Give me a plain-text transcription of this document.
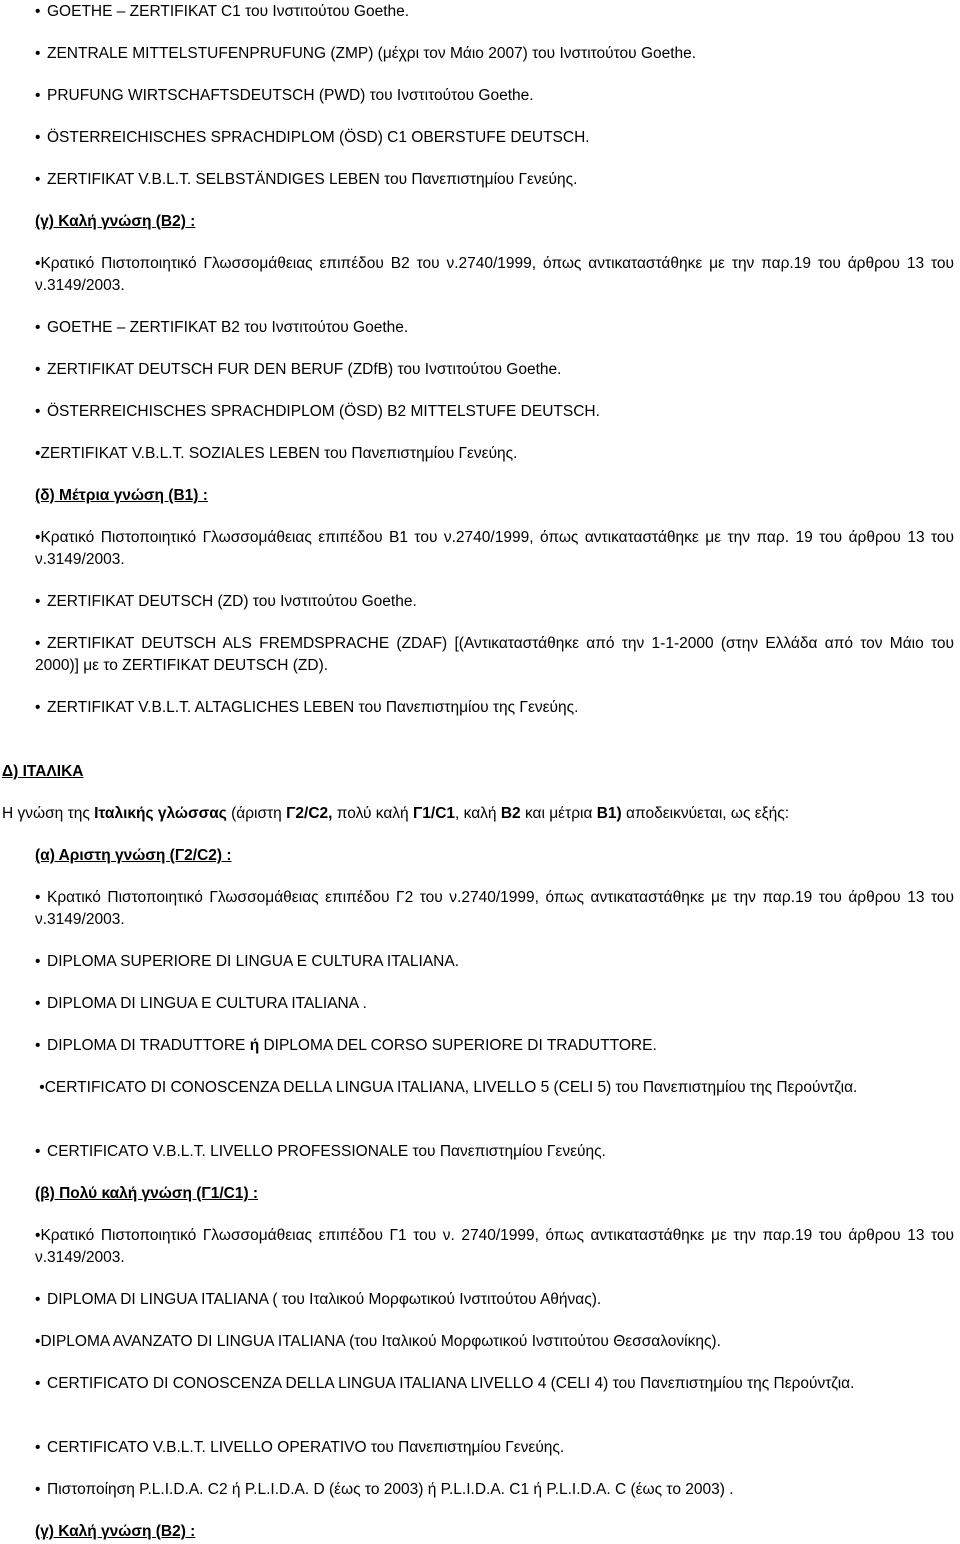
• GOETHE – ZERTIFIKAT C1 του Ινστιτούτου Goethe.
• ZENTRALE MITTELSTUFENPRUFUNG (ZMP) (μέχρι τον Μάιο 2007) του Ινστιτούτου Goethe.
• PRUFUNG WIRTSCHAFTSDEUTSCH (PWD) του Ινστιτούτου Goethe.
• ÖSTERREICHISCHES SPRACHDIPLOM (ÖSD) C1 OBERSTUFE DEUTSCH.
• ZERTIFIKAT V.B.L.T. SELBSTÄNDIGES LEBEN του Πανεπιστημίου Γενεύης.
(γ) Καλή γνώση (Β2) :
•Κρατικό Πιστοποιητικό Γλωσσομάθειας επιπέδου Β2 του ν.2740/1999, όπως αντικαταστάθηκε με την παρ.19 του άρθρου 13 του ν.3149/2003.
• GOETHE – ZERTIFIKAT B2 του Ινστιτούτου Goethe.
• ZERTIFIKAT DEUTSCH FUR DEN BERUF (ZDfB) του Ινστιτούτου Goethe.
• ÖSTERREICHISCHES SPRACHDIPLOM (ÖSD) B2 MITTELSTUFE DEUTSCH.
•ZERTIFIKAT V.B.L.T. SOZIALES LEBEN του Πανεπιστημίου Γενεύης.
(δ) Μέτρια γνώση (Β1) :
•Κρατικό Πιστοποιητικό Γλωσσομάθειας επιπέδου Β1 του ν.2740/1999, όπως αντικαταστάθηκε με την παρ. 19 του άρθρου 13 του ν.3149/2003.
• ZERTIFIKAT DEUTSCH (ZD) του Ινστιτούτου Goethe.
• ZERTIFIKAT DEUTSCH ALS FREMDSPRACHE (ZDAF) [(Αντικαταστάθηκε από την 1-1-2000 (στην Ελλάδα από τον Μάιο του 2000)] με το ZERTIFIKAT DEUTSCH (ZD).
• ZERTIFIKAT V.B.L.T. ALTAGLICHES LEBEN του Πανεπιστημίου της Γενεύης.
Δ) ΙΤΑΛΙΚΑ
Η γνώση της Ιταλικής γλώσσας (άριστη Γ2/C2, πολύ καλή Γ1/C1, καλή Β2 και μέτρια Β1) αποδεικνύεται, ως εξής:
(α) Αριστη γνώση (Γ2/C2) :
• Κρατικό Πιστοποιητικό Γλωσσομάθειας επιπέδου Γ2 του ν.2740/1999, όπως αντικαταστάθηκε με την παρ.19 του άρθρου 13 του ν.3149/2003.
• DIPLOMA SUPERIORE DI LINGUA E CULTURA ITALIANA.
• DIPLOMA DI LINGUA E CULTURA ITALIANA .
• DIPLOMA DI TRADUTTORE ή DIPLOMA DEL CORSO SUPERIORE DI TRADUTTORE.
•CERTIFICATO DI CONOSCENZA DELLA LINGUA ITALIANA, LIVELLO 5 (CELI 5) του Πανεπιστημίου της Περούντζια.
• CERTIFICATO V.B.L.T. LIVELLO PROFESSIONALE του Πανεπιστημίου Γενεύης.
(β) Πολύ καλή γνώση (Γ1/C1) :
•Κρατικό Πιστοποιητικό Γλωσσομάθειας επιπέδου Γ1 του ν. 2740/1999, όπως αντικαταστάθηκε με την παρ.19 του άρθρου 13 του ν.3149/2003.
• DIPLOMA DI LINGUA ITALIANA ( του Ιταλικού Μορφωτικού Ινστιτούτου Αθήνας).
•DIPLOMA AVANZATO DI LINGUA ITALIANA (του Ιταλικού Μορφωτικού Ινστιτούτου Θεσσαλονίκης).
• CERTIFICATO DI CONOSCENZA DELLA LINGUA ITALIANA LIVELLO 4 (CELI 4) του Πανεπιστημίου της Περούντζια.
• CERTIFICATO V.B.L.T. LIVELLO OPERATIVO του Πανεπιστημίου Γενεύης.
• Πιστοποίηση P.L.I.D.A. C2 ή P.L.I.D.A. D (έως το 2003) ή P.L.I.D.A. C1 ή P.L.I.D.A. C (έως το 2003) .
(γ) Καλή γνώση (Β2) :
